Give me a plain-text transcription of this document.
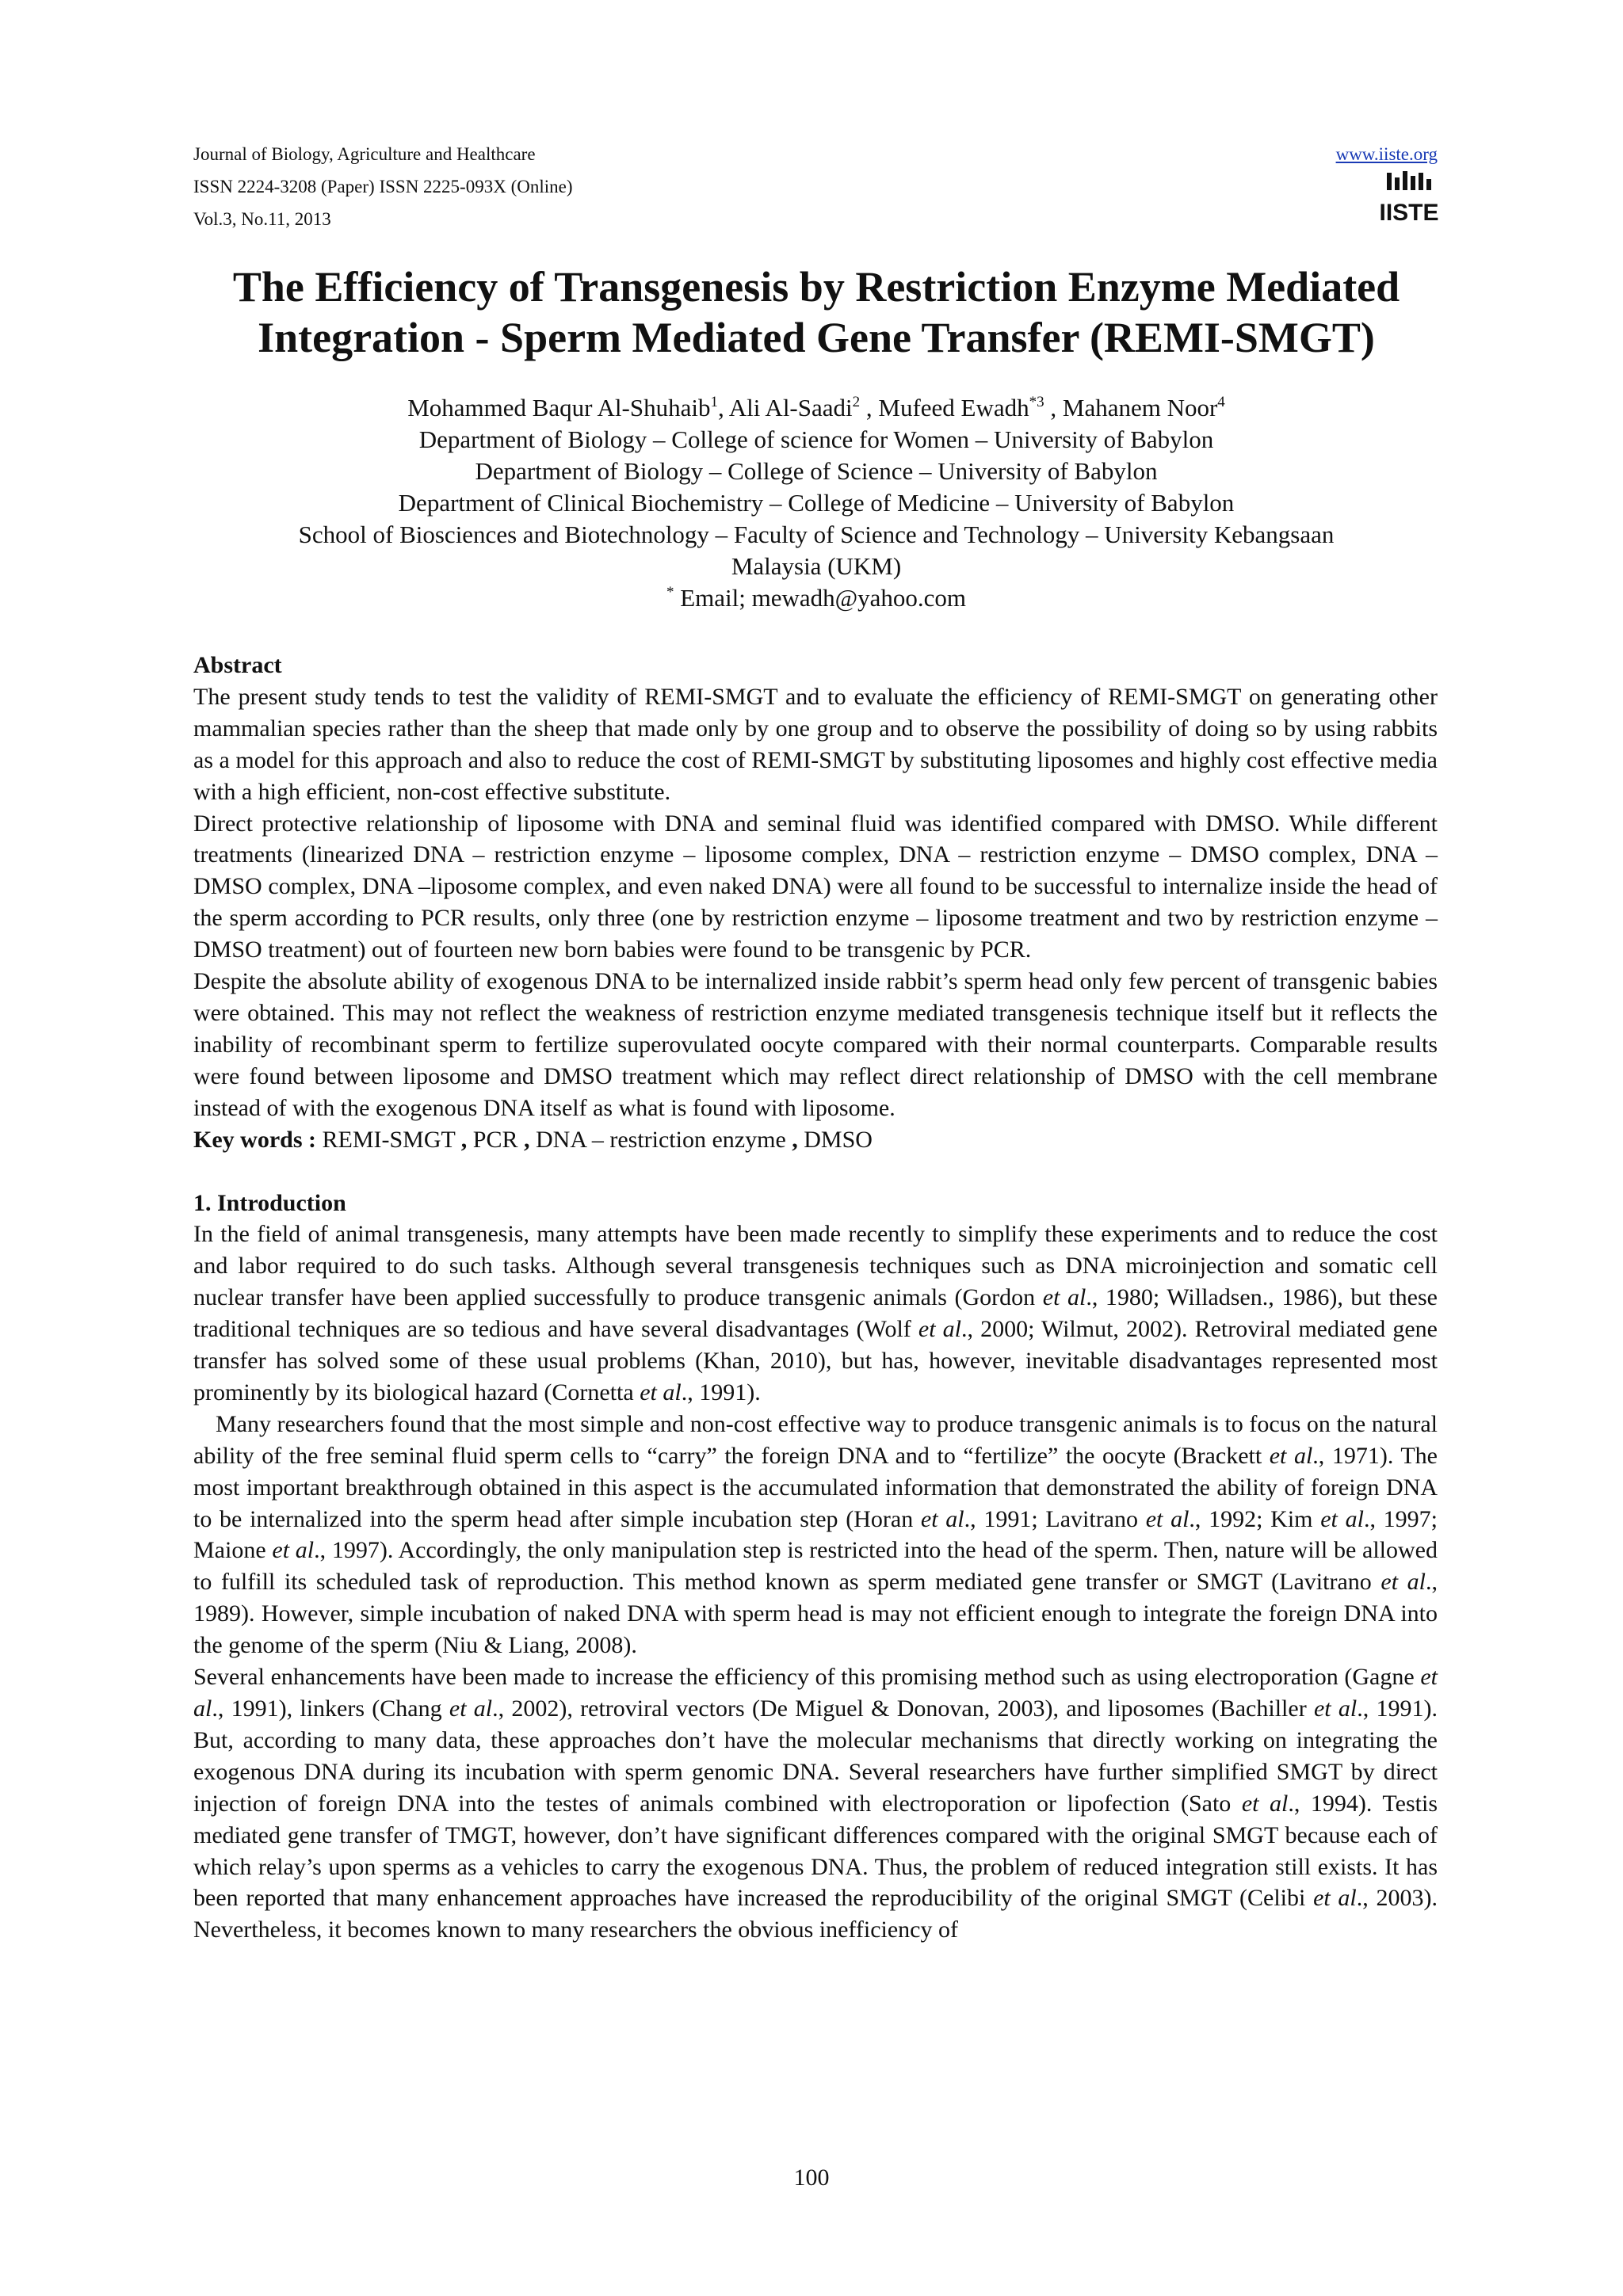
Journal of Biology, Agriculture and Healthcare	www.iiste.org
ISSN 2224-3208 (Paper) ISSN 2225-093X (Online)
Vol.3, No.11, 2013	IISTE
The Efficiency of Transgenesis by Restriction Enzyme Mediated
Integration - Sperm Mediated Gene Transfer (REMI-SMGT)
Mohammed Baqur Al-Shuhaib$^1$, Ali Al-Saadi$^2$ , Mufeed Ewadh$^{*3}$ , Mahanem Noor$^4$
Department of Biology – College of science for Women – University of Babylon
Department of Biology – College of Science – University of Babylon
Department of Clinical Biochemistry – College of Medicine – University of Babylon
School of Biosciences and Biotechnology – Faculty of Science and Technology – University Kebangsaan
Malaysia (UKM)
* Email; mewadh@yahoo.com

Abstract

The present study tends to test the validity of REMI-SMGT and to evaluate the efficiency of REMI-SMGT on generating other mammalian species rather than the sheep that made only by one group and to observe the possibility of doing so by using rabbits as a model for this approach and also to reduce the cost of REMI-SMGT by substituting liposomes and highly cost effective media with a high efficient, non-cost effective substitute.

Direct protective relationship of liposome with DNA and seminal fluid was identified compared with DMSO. While different treatments (linearized DNA – restriction enzyme – liposome complex, DNA – restriction enzyme – DMSO complex, DNA –DMSO complex, DNA –liposome complex, and even naked DNA) were all found to be successful to internalize inside the head of the sperm according to PCR results, only three (one by restriction enzyme – liposome treatment and two by restriction enzyme – DMSO treatment) out of fourteen new born babies were found to be transgenic by PCR.

Despite the absolute ability of exogenous DNA to be internalized inside rabbit’s sperm head only few percent of transgenic babies were obtained. This may not reflect the weakness of restriction enzyme mediated transgenesis technique itself but it reflects the inability of recombinant sperm to fertilize superovulated oocyte compared with their normal counterparts. Comparable results were found between liposome and DMSO treatment which may reflect direct relationship of DMSO with the cell membrane instead of with the exogenous DNA itself as what is found with liposome.

Key words : REMI-SMGT , PCR , DNA – restriction enzyme , DMSO

1. Introduction

In the field of animal transgenesis, many attempts have been made recently to simplify these experiments and to reduce the cost and labor required to do such tasks. Although several transgenesis techniques such as DNA microinjection and somatic cell nuclear transfer have been applied successfully to produce transgenic animals (Gordon et al., 1980; Willadsen., 1986), but these traditional techniques are so tedious and have several disadvantages (Wolf et al., 2000; Wilmut, 2002). Retroviral mediated gene transfer has solved some of these usual problems (Khan, 2010), but has, however, inevitable disadvantages represented most prominently by its biological hazard (Cornetta et al., 1991).

Many researchers found that the most simple and non-cost effective way to produce transgenic animals is to focus on the natural ability of the free seminal fluid sperm cells to “carry” the foreign DNA and to “fertilize” the oocyte (Brackett et al., 1971). The most important breakthrough obtained in this aspect is the accumulated information that demonstrated the ability of foreign DNA to be internalized into the sperm head after simple incubation step (Horan et al., 1991; Lavitrano et al., 1992; Kim et al., 1997; Maione et al., 1997). Accordingly, the only manipulation step is restricted into the head of the sperm. Then, nature will be allowed to fulfill its scheduled task of reproduction. This method known as sperm mediated gene transfer or SMGT (Lavitrano et al., 1989). However, simple incubation of naked DNA with sperm head is may not efficient enough to integrate the foreign DNA into the genome of the sperm (Niu & Liang, 2008).

Several enhancements have been made to increase the efficiency of this promising method such as using electroporation (Gagne et al., 1991), linkers (Chang et al., 2002), retroviral vectors (De Miguel & Donovan, 2003), and liposomes (Bachiller et al., 1991). But, according to many data, these approaches don’t have the molecular mechanisms that directly working on integrating the exogenous DNA during its incubation with sperm genomic DNA. Several researchers have further simplified SMGT by direct injection of foreign DNA into the testes of animals combined with electroporation or lipofection (Sato et al., 1994). Testis mediated gene transfer of TMGT, however, don’t have significant differences compared with the original SMGT because each of which relay’s upon sperms as a vehicles to carry the exogenous DNA. Thus, the problem of reduced integration still exists. It has been reported that many enhancement approaches have increased the reproducibility of the original SMGT (Celibi et al., 2003). Nevertheless, it becomes known to many researchers the obvious inefficiency of

100
